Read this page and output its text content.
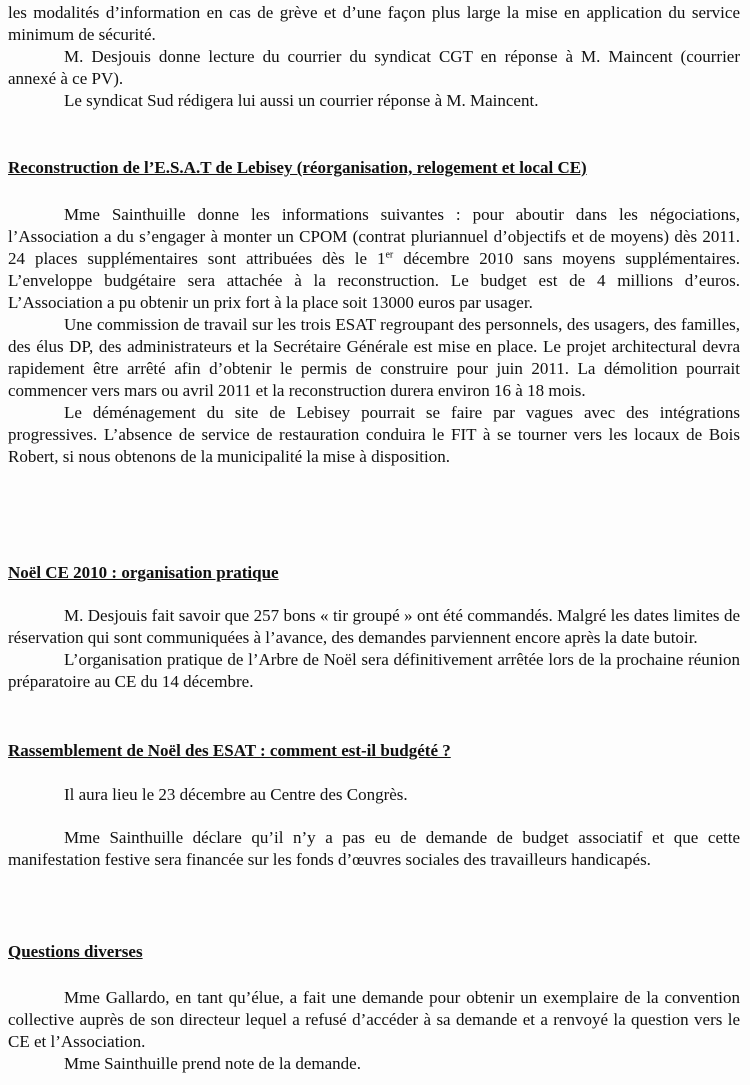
les modalités d’information en cas de grève et d’une façon plus large la mise en application du service minimum de sécurité.

M. Desjouis donne lecture du courrier du syndicat CGT en réponse à M. Maincent (courrier annexé à ce PV).

Le syndicat Sud rédigera lui aussi un courrier réponse à M. Maincent.

Reconstruction de l’E.S.A.T de Lebisey (réorganisation, relogement et local CE)

Mme Sainthuille donne les informations suivantes : pour aboutir dans les négociations, l’Association a du s’engager à monter un CPOM (contrat pluriannuel d’objectifs et de moyens) dès 2011. 24 places supplémentaires sont attribuées dès le 1er décembre 2010 sans moyens supplémentaires. L’enveloppe budgétaire sera attachée à la reconstruction. Le budget est de 4 millions d’euros. L’Association a pu obtenir un prix fort à la place soit 13000 euros par usager.

Une commission de travail sur les trois ESAT regroupant des personnels, des usagers, des familles, des élus DP, des administrateurs et la Secrétaire Générale est mise en place. Le projet architectural devra rapidement être arrêté afin d’obtenir le permis de construire pour juin 2011. La démolition pourrait commencer vers mars ou avril 2011 et la reconstruction durera environ 16 à 18 mois.

Le déménagement du site de Lebisey pourrait se faire par vagues avec des intégrations progressives. L’absence de service de restauration conduira le FIT à se tourner vers les locaux de Bois Robert, si nous obtenons de la municipalité la mise à disposition.

Noël CE 2010 : organisation pratique

M. Desjouis fait savoir que 257 bons « tir groupé » ont été commandés. Malgré les dates limites de réservation qui sont communiquées à l’avance, des demandes parviennent encore après la date butoir.

L’organisation pratique de l’Arbre de Noël sera définitivement arrêtée lors de la prochaine réunion préparatoire au CE du 14 décembre.

Rassemblement de Noël des ESAT : comment est-il budgété ?

Il aura lieu le 23 décembre au Centre des Congrès.

Mme Sainthuille déclare qu’il n’y a pas eu de demande de budget associatif et que cette manifestation festive sera financée sur les fonds d’œuvres sociales des travailleurs handicapés.

Questions diverses

Mme Gallardo, en tant qu’élue, a fait une demande pour obtenir un exemplaire de la convention collective auprès de son directeur lequel a refusé d’accéder à sa demande et a renvoyé la question vers le CE et l’Association.

Mme Sainthuille prend note de la demande.
